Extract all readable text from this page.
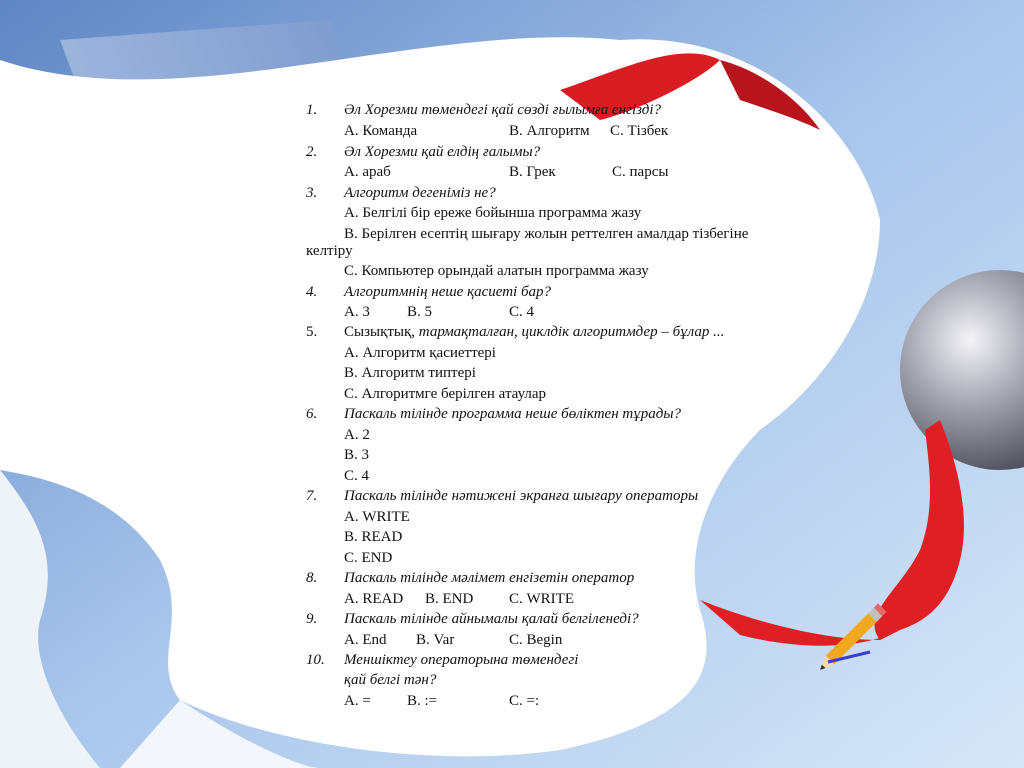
1. Әл Хорезми төмендегі қай сөзді ғылымға енгізді?
А. Команда	В. Алгоритм С. Тізбек
2. Әл Хорезми қай елдің ғалымы?
А. араб	В. Грек	С. парсы
3. Алгоритм дегеніміз не?
А. Белгілі бір ереже бойынша программа жазу
В. Берілген есептің шығару жолын реттелген амалдар тізбегіне
келтіру
С. Компьютер орындай алатын программа жазу
4. Алгоритмнің неше қасиеті бар?
А. 3 В. 5	С. 4
5. Сызықтық, тармақталған, циклдік алгоритмдер – бұлар ...
А. Алгоритм қасиеттері
В. Алгоритм типтері
С. Алгоритмге берілген атаулар
6. Паскаль тілінде программа неше бөліктен тұрады?
А. 2
В. 3
С. 4
7. Паскаль тілінде нәтижені экранға шығару операторы
А. WRITE
В. READ
С. END
8. Паскаль тілінде мәлімет енгізетін оператор
А. READ В. END С. WRITE
9. Паскаль тілінде айнымалы қалай белгіленеді?
А. End В. Var	С. Begin
10. Меншіктеу операторына төмендегі
қай белгі тән?
А. = В. :=	С. =:
